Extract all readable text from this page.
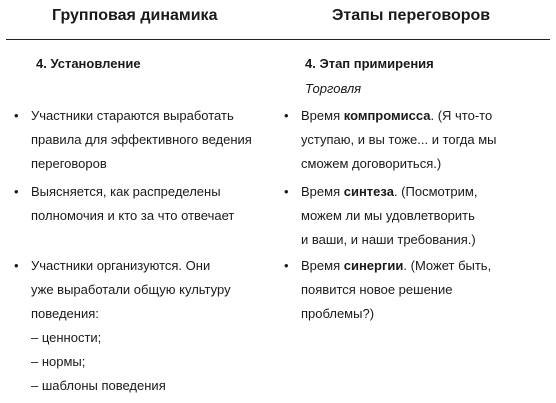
Групповая динамика	Этапы переговоров
4. Установление	4. Этап примирения
Торговля
• Участники стараются выработать
правила для эффективного ведения
переговоров
• Выясняется, как распределены
полномочия и кто за что отвечает
• Участники организуются. Они
уже выработали общую культуру
поведения:
– ценности;
– нормы;
– шаблоны поведения
• Время компромисса. (Я что-то
уступаю, и вы тоже... и тогда мы
сможем договориться.)
• Время синтеза. (Посмотрим,
можем ли мы удовлетворить
и ваши, и наши требования.)
• Время синергии. (Может быть,
появится новое решение
проблемы?)
